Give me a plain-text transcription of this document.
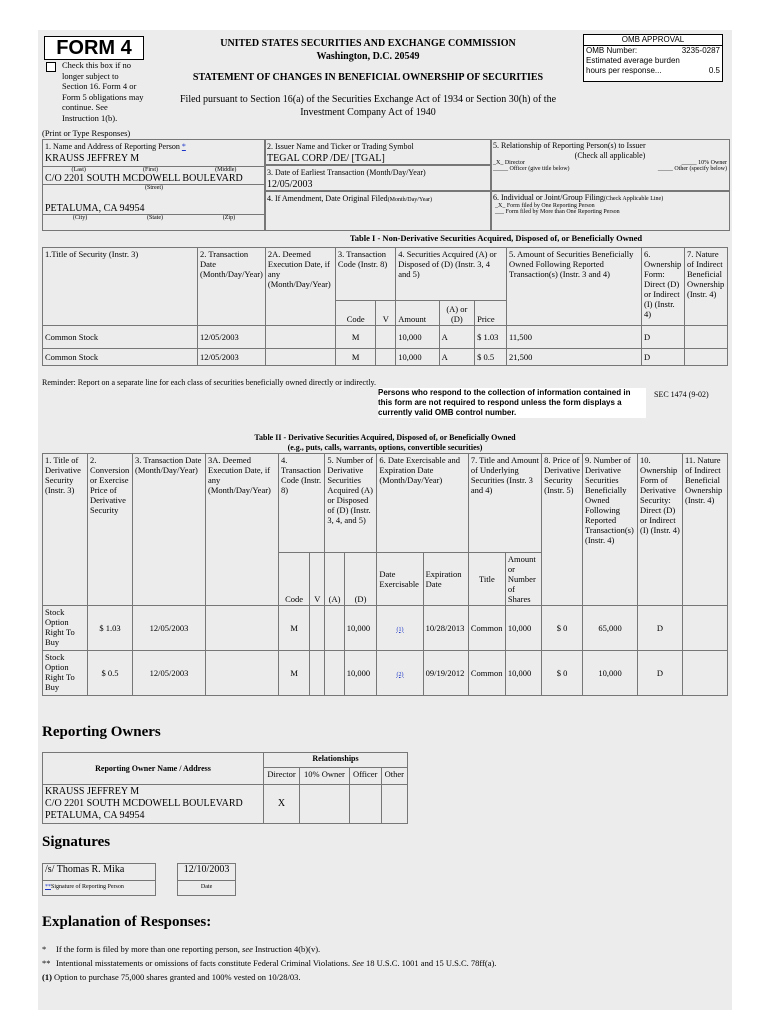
FORM 4
Check this box if no longer subject to Section 16. Form 4 or Form 5 obligations may continue. See Instruction 1(b).
UNITED STATES SECURITIES AND EXCHANGE COMMISSION
Washington, D.C. 20549
STATEMENT OF CHANGES IN BENEFICIAL OWNERSHIP OF SECURITIES
Filed pursuant to Section 16(a) of the Securities Exchange Act of 1934 or Section 30(h) of the
Investment Company Act of 1940
OMB APPROVAL
OMB Number:	3235-0287
Estimated average burden
hours per response...	0.5
(Print or Type Responses)
1. Name and Address of Reporting Person *
KRAUSS JEFFREY M
(Last)	(First)	(Middle)
C/O 2201 SOUTH MCDOWELL BOULEVARD
(Street)
PETALUMA, CA 94954
(City)	(State)	(Zip)
2. Issuer Name and Ticker or Trading Symbol
TEGAL CORP /DE/ [TGAL]
3. Date of Earliest Transaction (Month/Day/Year)
12/05/2003
4. If Amendment, Date Original Filed(Month/Day/Year)
5. Relationship of Reporting Person(s) to Issuer
(Check all applicable)
_X_ Director	_____ 10% Owner
_____ Officer (give title below)	_____ Other (specify below)
6. Individual or Joint/Group Filing(Check Applicable Line)
_X_ Form filed by One Reporting Person
___ Form filed by More than One Reporting Person
Table I - Non-Derivative Securities Acquired, Disposed of, or Beneficially Owned
1.Title of Security (Instr. 3)	2. Transaction Date (Month/Day/Year)	2A. Deemed Execution Date, if any (Month/Day/Year)	3. Transaction Code (Instr. 8)		4. Securities Acquired (A) or Disposed of (D) (Instr. 3, 4 and 5)			5. Amount of Securities Beneficially Owned Following Reported Transaction(s) (Instr. 3 and 4)	6. Ownership Form: Direct (D) or Indirect (I) (Instr. 4)	7. Nature of Indirect Beneficial Ownership (Instr. 4)
			Code	V	Amount	(A) or (D)	Price			
Common Stock	12/05/2003		M		10,000	A	$ 1.03	11,500	D	
Common Stock	12/05/2003		M		10,000	A	$ 0.5	21,500	D	
Reminder: Report on a separate line for each class of securities beneficially owned directly or indirectly.
Persons who respond to the collection of information contained in this form are not required to respond unless the form displays a currently valid OMB control number.
SEC 1474 (9-02)
Table II - Derivative Securities Acquired, Disposed of, or Beneficially Owned
(e.g., puts, calls, warrants, options, convertible securities)
1. Title of Derivative Security (Instr. 3)	2. Conversion or Exercise Price of Derivative Security	3. Transaction Date (Month/Day/Year)	3A. Deemed Execution Date, if any (Month/Day/Year)	4. Transaction Code (Instr. 8)		5. Number of Derivative Securities Acquired (A) or Disposed of (D) (Instr. 3, 4, and 5)		6. Date Exercisable and Expiration Date (Month/Day/Year)		7. Title and Amount of Underlying Securities (Instr. 3 and 4)		8. Price of Derivative Security (Instr. 5)	9. Number of Derivative Securities Beneficially Owned Following Reported Transaction(s) (Instr. 4)	10. Ownership Form of Derivative Security: Direct (D) or Indirect (I) (Instr. 4)	11. Nature of Indirect Beneficial Ownership (Instr. 4)
				Code	V	(A)	(D)	Date Exercisable	Expiration Date	Title	Amount or Number of Shares				
Stock Option Right To Buy	$ 1.03	12/05/2003		M			10,000	(1)	10/28/2013	Common	10,000	$ 0	65,000	D	
Stock Option Right To Buy	$ 0.5	12/05/2003		M			10,000	(2)	09/19/2012	Common	10,000	$ 0	10,000	D	
Reporting Owners
Reporting Owner Name / Address	Relationships			
	Director	10% Owner	Officer	Other

KRAUSS JEFFREY M
C/O 2201 SOUTH MCDOWELL BOULEVARD
PETALUMA, CA 94954	X			
Signatures
/s/ Thomas R. Mika		12/10/2003
**Signature of Reporting Person		Date
Explanation of Responses:
* If the form is filed by more than one reporting person, see Instruction 4(b)(v).
** Intentional misstatements or omissions of facts constitute Federal Criminal Violations. See 18 U.S.C. 1001 and 15 U.S.C. 78ff(a).
(1) Option to purchase 75,000 shares granted and 100% vested on 10/28/03.
